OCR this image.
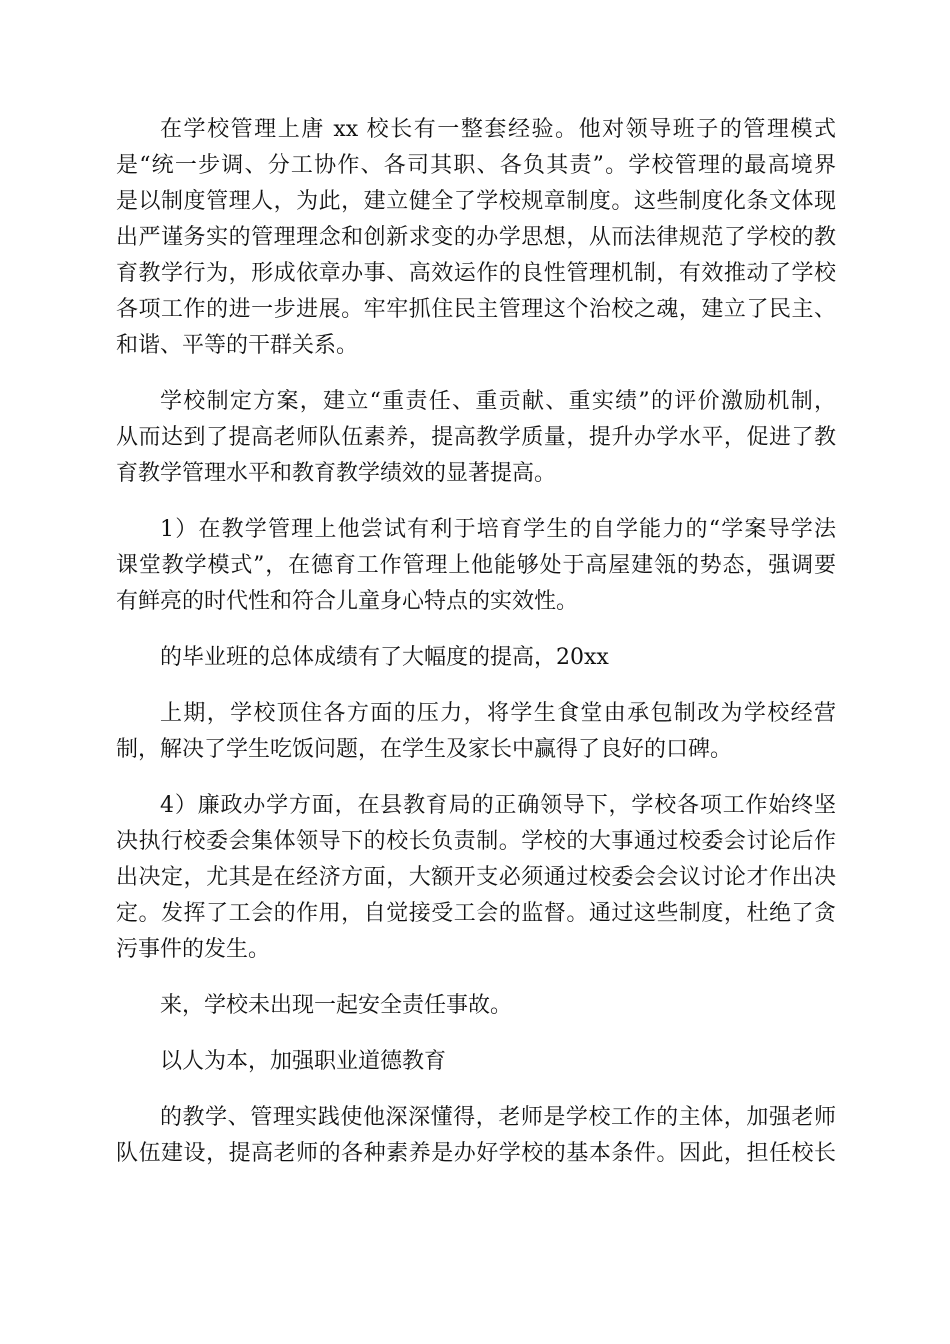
在学校管理上唐 xx 校长有一整套经验。他对领导班子的管理模式
是“统一步调、分工协作、各司其职、各负其责”。学校管理的最高境界
是以制度管理人，为此，建立健全了学校规章制度。这些制度化条文体现
出严谨务实的管理理念和创新求变的办学思想，从而法律规范了学校的教
育教学行为，形成依章办事、高效运作的良性管理机制，有效推动了学校
各项工作的进一步进展。牢牢抓住民主管理这个治校之魂，建立了民主、
和谐、平等的干群关系。
学校制定方案，建立“重责任、重贡献、重实绩”的评价激励机制，
从而达到了提高老师队伍素养，提高教学质量，提升办学水平，促进了教
育教学管理水平和教育教学绩效的显著提高。
1）在教学管理上他尝试有利于培育学生的自学能力的“学案导学法
课堂教学模式”，在德育工作管理上他能够处于高屋建瓴的势态，强调要
有鲜亮的时代性和符合儿童身心特点的实效性。
的毕业班的总体成绩有了大幅度的提高，20xx
上期，学校顶住各方面的压力，将学生食堂由承包制改为学校经营
制，解决了学生吃饭问题，在学生及家长中赢得了良好的口碑。
4）廉政办学方面，在县教育局的正确领导下，学校各项工作始终坚
决执行校委会集体领导下的校长负责制。学校的大事通过校委会讨论后作
出决定，尤其是在经济方面，大额开支必须通过校委会会议讨论才作出决
定。发挥了工会的作用，自觉接受工会的监督。通过这些制度，杜绝了贪
污事件的发生。
来，学校未出现一起安全责任事故。
以人为本，加强职业道德教育
的教学、管理实践使他深深懂得，老师是学校工作的主体，加强老师
队伍建设，提高老师的各种素养是办好学校的基本条件。因此，担任校长
